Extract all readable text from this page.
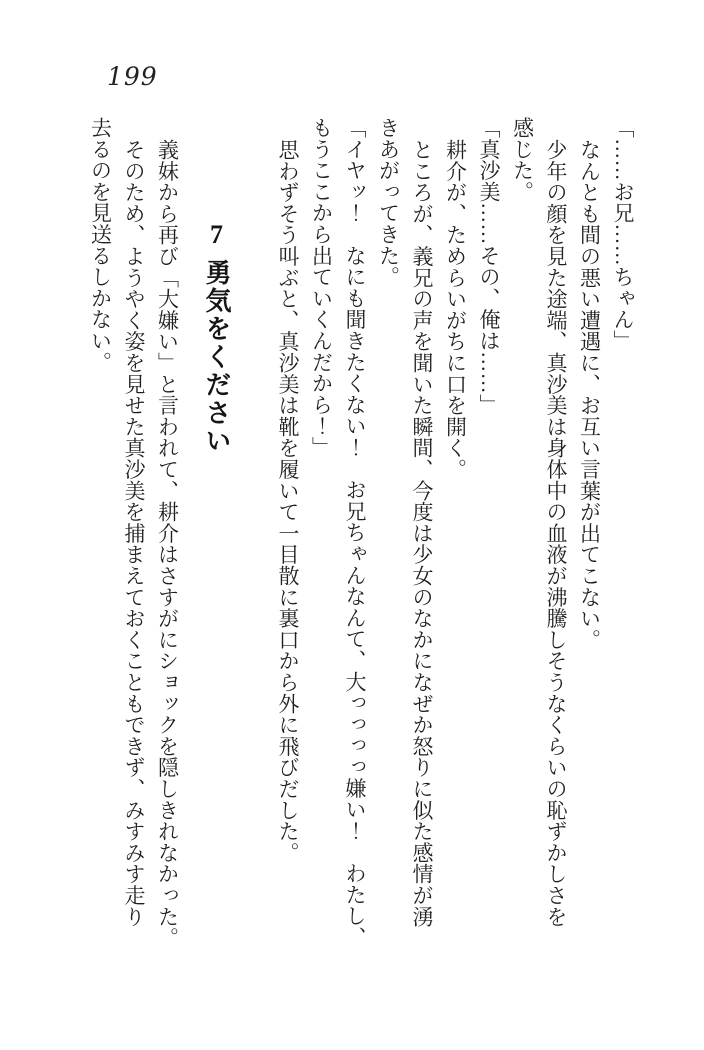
199

「……お兄……ちゃん」

なんとも間の悪い遭遇に、お互い言葉が出てこない。

少年の顔を見た途端、真沙美は身体中の血液が沸騰しそうなくらいの恥ずかしさを

感じた。

「真沙美……その、俺は……」

耕介が、ためらいがちに口を開く。

ところが、義兄の声を聞いた瞬間、今度は少女のなかになぜか怒りに似た感情が湧

きあがってきた。

「イヤッ！　なにも聞きたくない！　お兄ちゃんなんて、大っっっっ嫌い！　わたし、

もうここから出ていくんだから！」

思わずそう叫ぶと、真沙美は靴を履いて一目散に裏口から外に飛びだした。

7勇気をください

義妹から再び「大嫌い」と言われて、耕介はさすがにショックを隠しきれなかった。

そのため、ようやく姿を見せた真沙美を捕まえておくこともできず、みすみす走り

去るのを見送るしかない。
